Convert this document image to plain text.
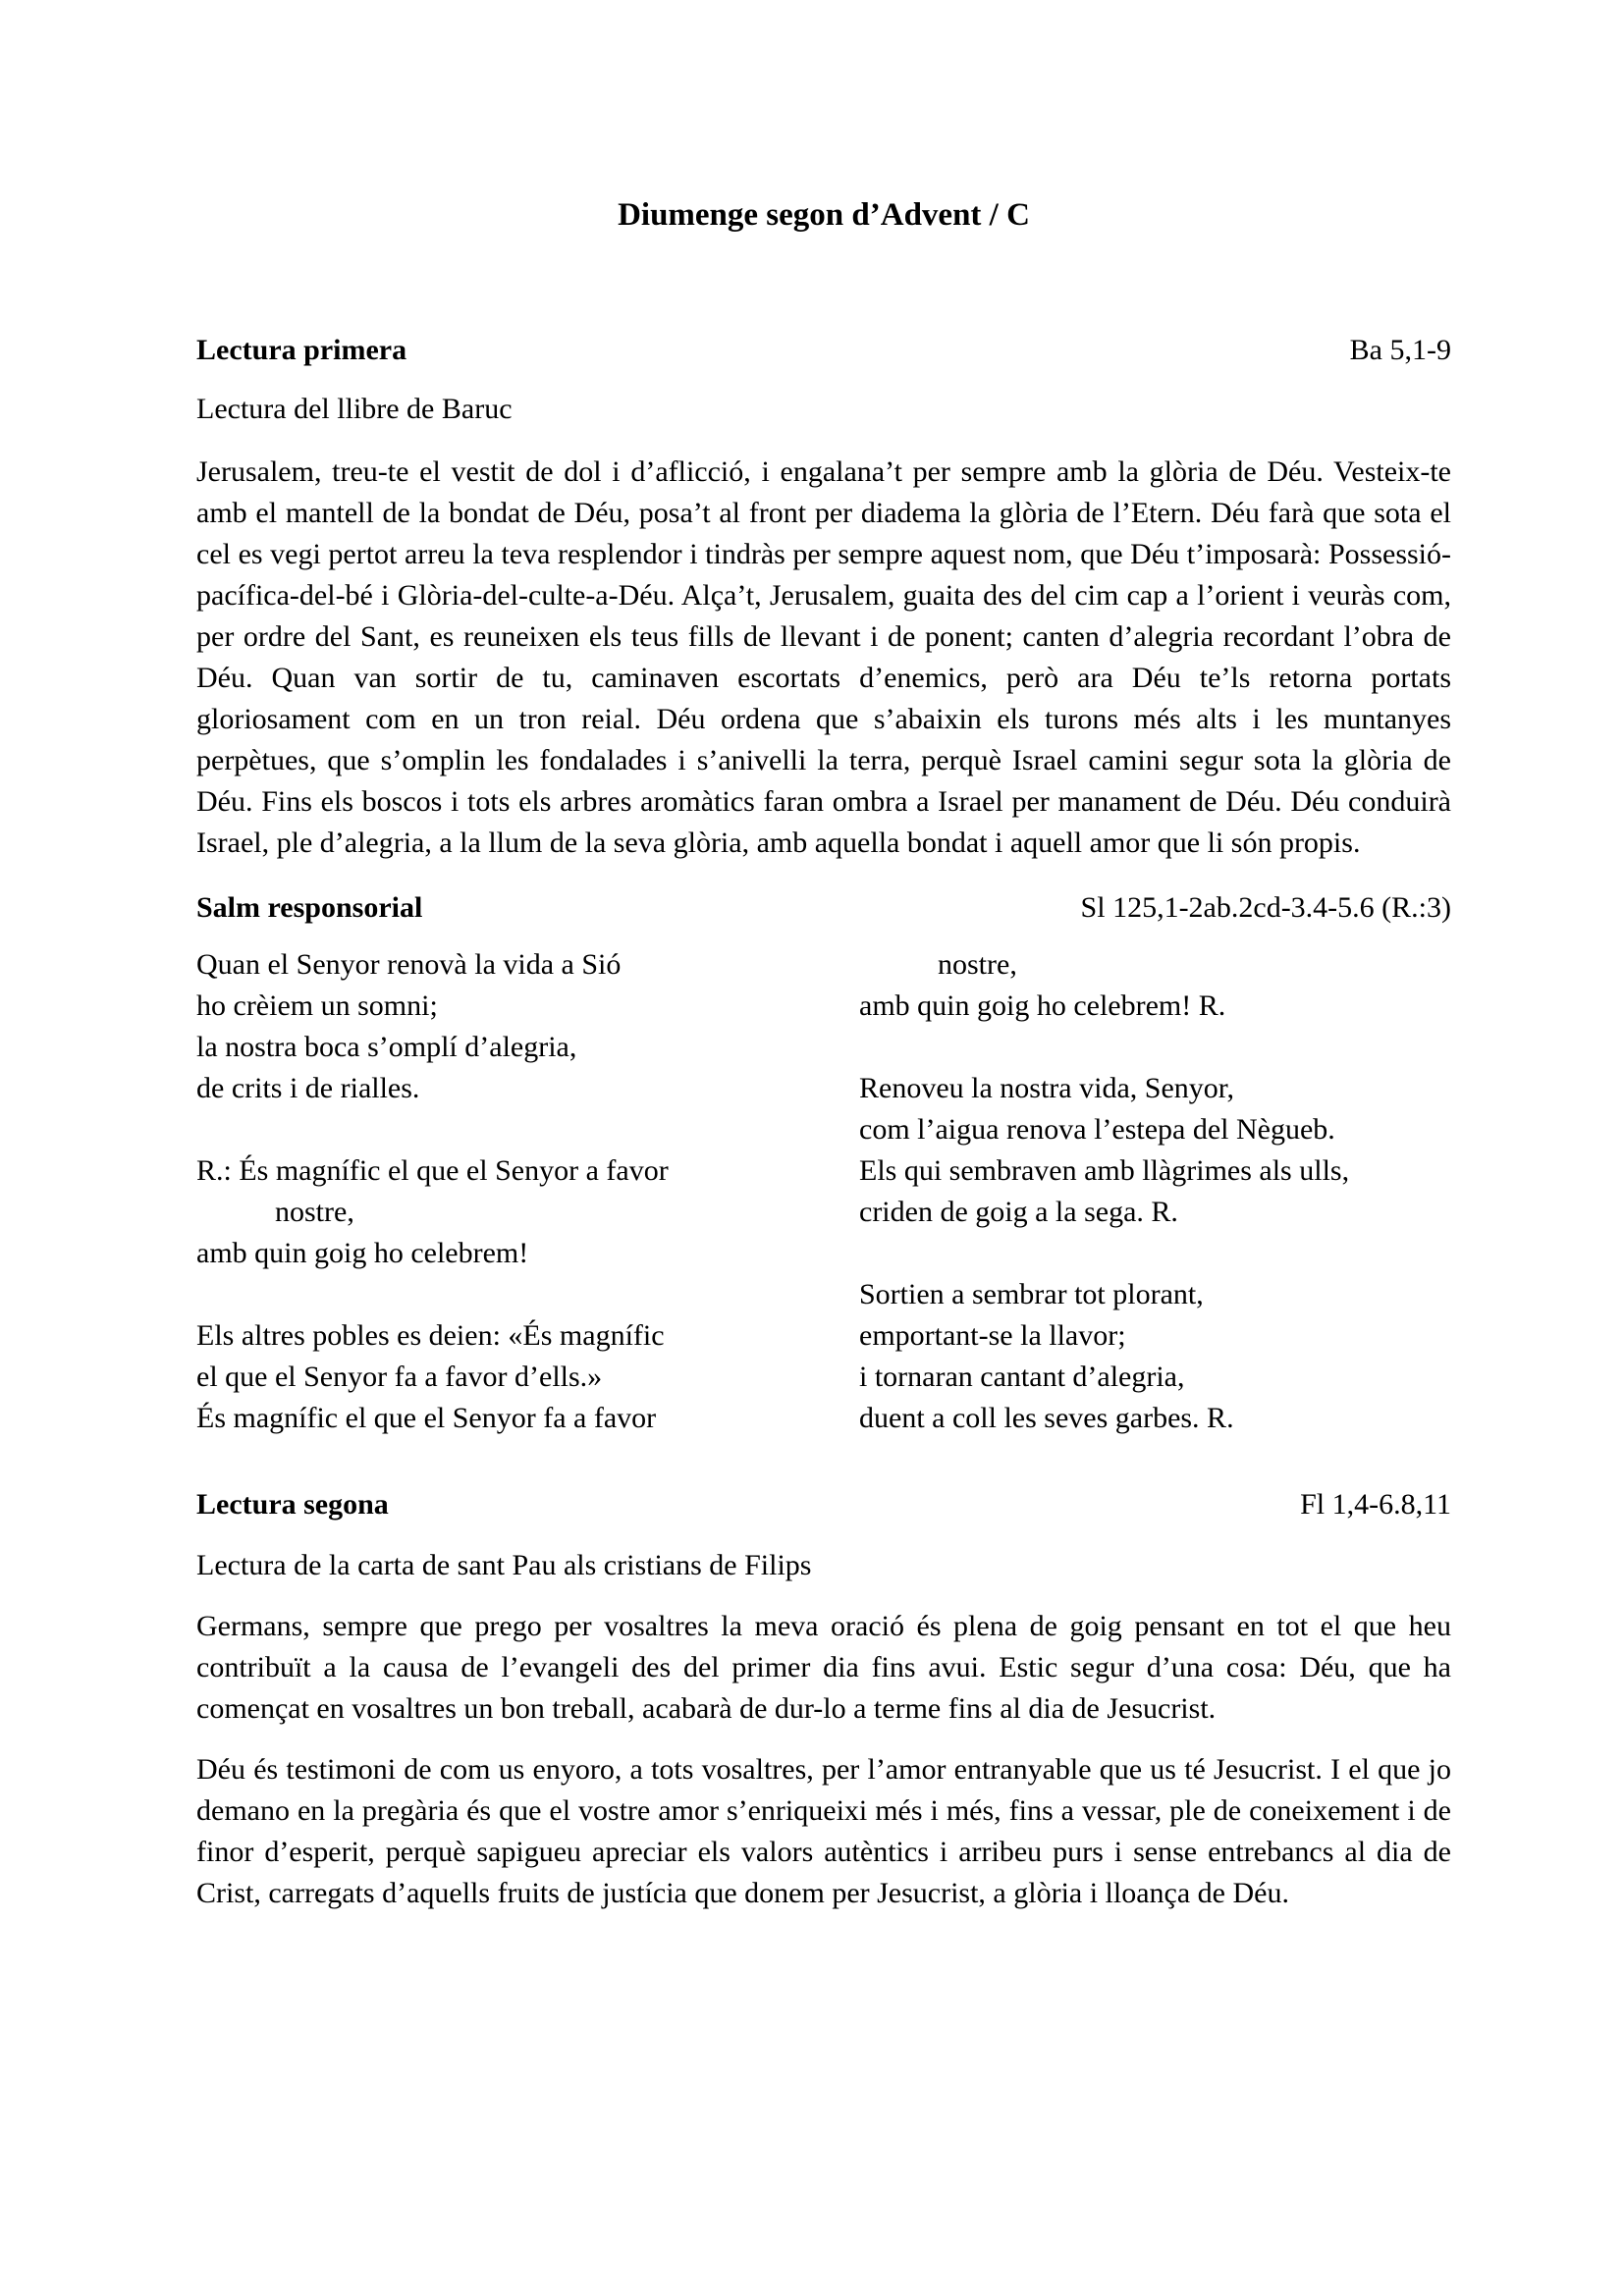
Diumenge segon d’Advent / C
Lectura primera	Ba 5,1-9
Lectura del llibre de Baruc
Jerusalem, treu-te el vestit de dol i d’aflicció, i engalana’t per sempre amb la glòria de Déu. Vesteix-te amb el mantell de la bondat de Déu, posa’t al front per diadema la glòria de l’Etern. Déu farà que sota el cel es vegi pertot arreu la teva resplendor i tindràs per sempre aquest nom, que Déu t’imposarà: Possessió-pacífica-del-bé i Glòria-del-culte-a-Déu. Alça’t, Jerusalem, guaita des del cim cap a l’orient i veuràs com, per ordre del Sant, es reuneixen els teus fills de llevant i de ponent; canten d’alegria recordant l’obra de Déu. Quan van sortir de tu, caminaven escortats d’enemics, però ara Déu te’ls retorna portats gloriosament com en un tron reial. Déu ordena que s’abaixin els turons més alts i les muntanyes perpètues, que s’omplin les fondalades i s’anivelli la terra, perquè Israel camini segur sota la glòria de Déu. Fins els boscos i tots els arbres aromàtics faran ombra a Israel per manament de Déu. Déu conduirà Israel, ple d’alegria, a la llum de la seva glòria, amb aquella bondat i aquell amor que li són propis.
Salm responsorial	Sl 125,1-2ab.2cd-3.4-5.6 (R.:3)
Quan el Senyor renovà la vida a Sió
ho crèiem un somni;
la nostra boca s’omplí d’alegria,
de crits i de rialles.
R.: És magnífic el que el Senyor a favor
nostre,
amb quin goig ho celebrem!
Els altres pobles es deien: «És magnífic
el que el Senyor fa a favor d’ells.»
És magnífic el que el Senyor fa a favor
nostre,
amb quin goig ho celebrem! R.
Renoveu la nostra vida, Senyor,
com l’aigua renova l’estepa del Nègueb.
Els qui sembraven amb llàgrimes als ulls,
criden de goig a la sega. R.
Sortien a sembrar tot plorant,
emportant-se la llavor;
i tornaran cantant d’alegria,
duent a coll les seves garbes. R.
Lectura segona	Fl 1,4-6.8,11
Lectura de la carta de sant Pau als cristians de Filips
Germans, sempre que prego per vosaltres la meva oració és plena de goig pensant en tot el que heu contribuït a la causa de l’evangeli des del primer dia fins avui. Estic segur d’una cosa: Déu, que ha començat en vosaltres un bon treball, acabarà de dur-lo a terme fins al dia de Jesucrist.
Déu és testimoni de com us enyoro, a tots vosaltres, per l’amor entranyable que us té Jesucrist. I el que jo demano en la pregària és que el vostre amor s’enriqueixi més i més, fins a vessar, ple de coneixement i de finor d’esperit, perquè sapigueu apreciar els valors autèntics i arribeu purs i sense entrebancs al dia de Crist, carregats d’aquells fruits de justícia que donem per Jesucrist, a glòria i lloança de Déu.
